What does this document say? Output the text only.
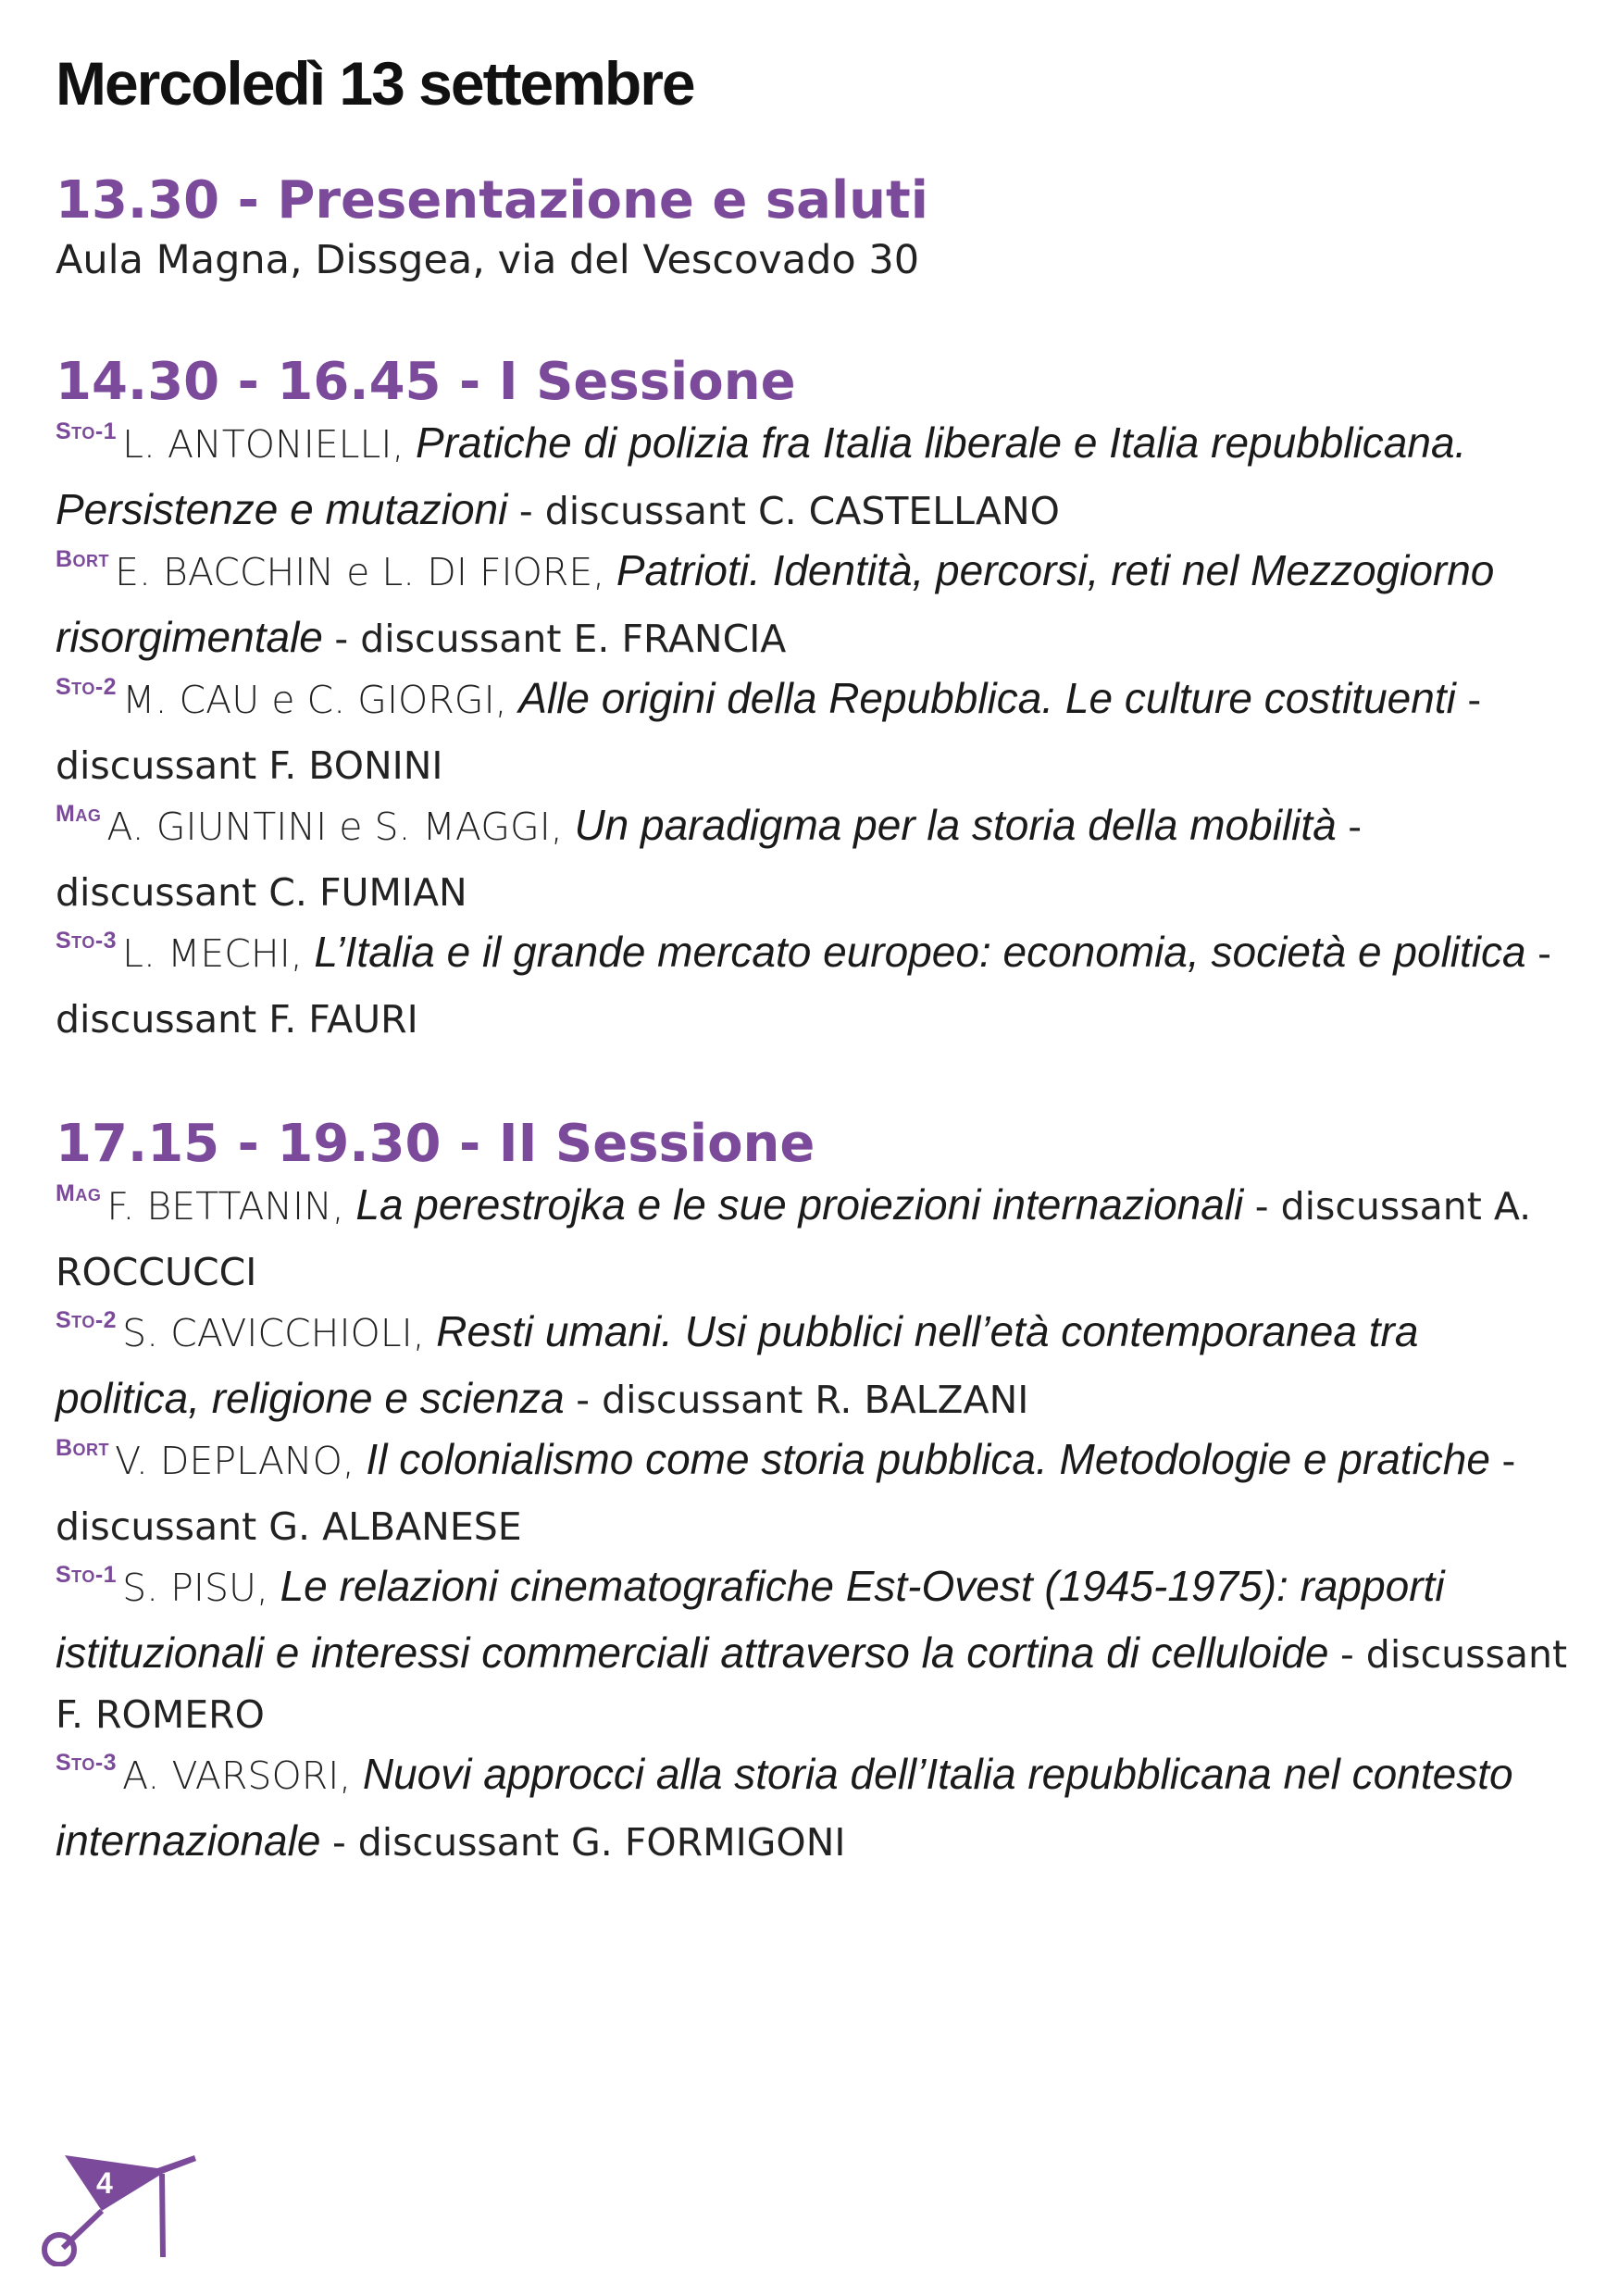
Mercoledì 13 settembre
13.30 - Presentazione e saluti

Aula Magna, Dissgea, via del Vescovado 30

14.30 - 16.45 - I Sessione
$^{Sto-1}$ L. ANTONIELLI, Pratiche di polizia fra Italia liberale e Italia repubblicana. Persistenze e mutazioni - discussant C. CASTELLANO
$^{Bort}$ E. BACCHIN e L. DI FIORE, Patrioti. Identità, percorsi, reti nel Mezzogiorno risorgimentale - discussant E. FRANCIA
$^{Sto-2}$ M. CAU e C. GIORGI, Alle origini della Repubblica. Le culture costituenti - discussant F. BONINI
$^{Mag}$ A. GIUNTINI e S. MAGGI, Un paradigma per la storia della mobilità - discussant C. FUMIAN
$^{Sto-3}$ L. MECHI, L’Italia e il grande mercato europeo: economia, società e politica - discussant F. FAURI
17.15 - 19.30 - II Sessione
$^{Mag}$ F. BETTANIN, La perestrojka e le sue proiezioni internazionali - discussant A. ROCCUCCI
$^{Sto-2}$ S. CAVICCHIOLI, Resti umani. Usi pubblici nell’età contemporanea tra politica, religione e scienza - discussant R. BALZANI
$^{Bort}$ V. DEPLANO, Il colonialismo come storia pubblica. Metodologie e pratiche - discussant G. ALBANESE
$^{Sto-1}$ S. PISU, Le relazioni cinematografiche Est-Ovest (1945-1975): rapporti istituzionali e interessi commerciali attraverso la cortina di celluloide - discussant F. ROMERO
$^{Sto-3}$ A. VARSORI, Nuovi approcci alla storia dell’Italia repubblicana nel contesto internazionale - discussant G. FORMIGONI
4
